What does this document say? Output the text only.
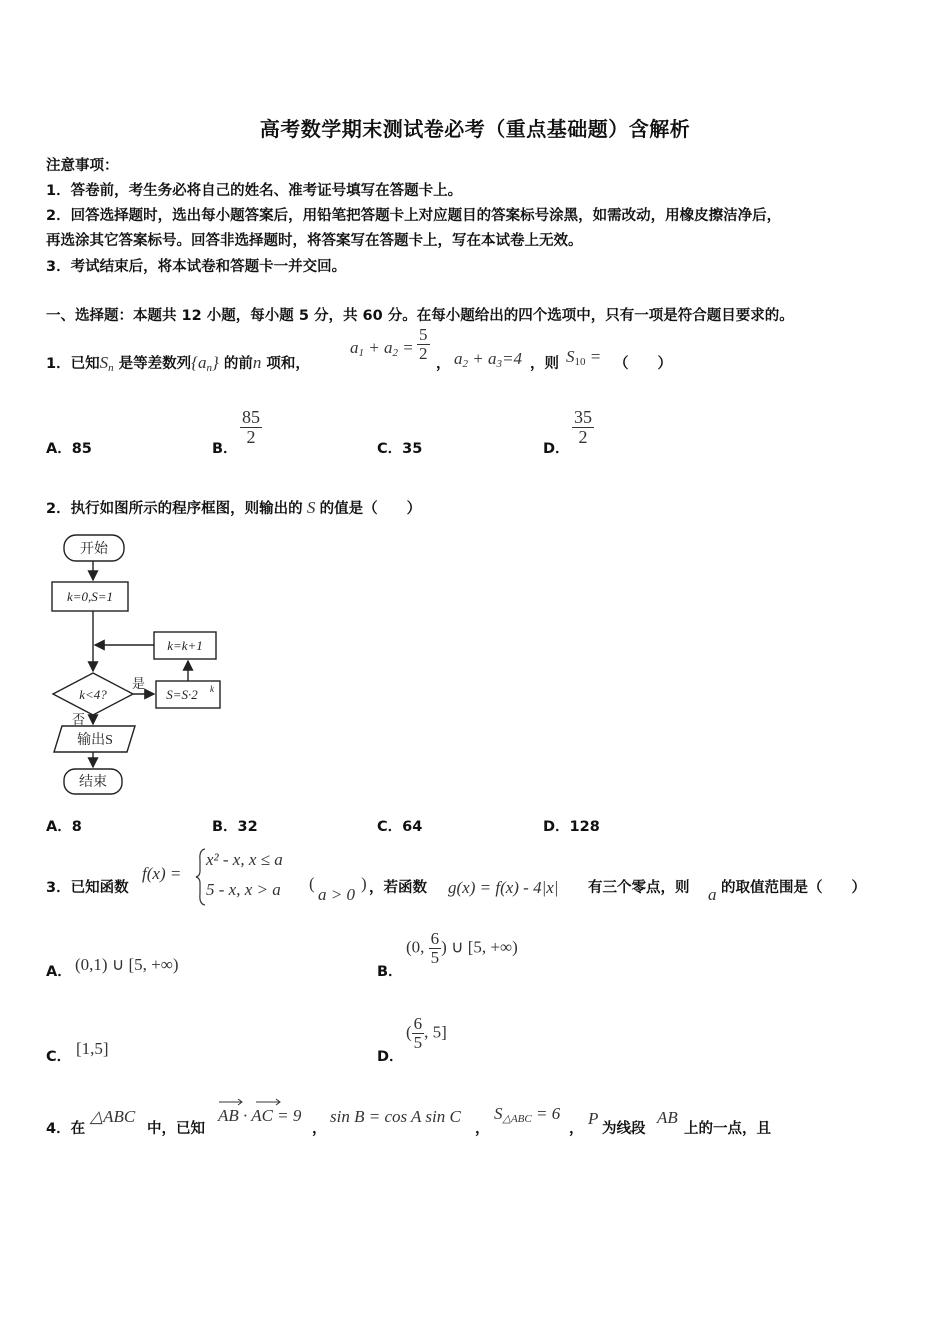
高考数学期末测试卷必考（重点基础题）含解析
注意事项：
1．答卷前，考生务必将自己的姓名、准考证号填写在答题卡上。
2．回答选择题时，选出每小题答案后，用铅笔把答题卡上对应题目的答案标号涂黑，如需改动，用橡皮擦洁净后，
再选涂其它答案标号。回答非选择题时，将答案写在答题卡上，写在本试卷上无效。
3．考试结束后，将本试卷和答题卡一并交回。
一、选择题：本题共 12 小题，每小题 5 分，共 60 分。在每小题给出的四个选项中，只有一项是符合题目要求的。
1．已知$S_n$ 是等差数列$\{a_n\}$ 的前n 项和，
$a_1 + a_2 = \frac{5}{2}$
， $a_2 + a_3=4$ ，则 $S_{10}$ = （　　）
A．85	B．
$\frac{85}{2}$
C．35	D．
$\frac{35}{2}$
2．执行如图所示的程序框图，则输出的 S 的值是（　　）
开始
k=0,S=1
k=k+1
k<4?
是
否
S=S·2 k
输出S
结束
A．8	B．32	C．64	D．128
3．已知函数
f(x) =
x² - x, x ≤ a
5 - x, x > a (
a > 0
) ，若函数 g(x) = f(x) - 4|x| 有三个零点，则 a 的取值范围是（　　）
A． (0,1) ∪ [5, +∞)	B．
(0, $\frac{6}{5}$ ) ∪ [5, +∞)
C． [1,5]	D．
( $\frac{6}{5}$ , 5]
4．在
△ABC
中，已知
AB · AC = 9
，
sin B = cos A sin C
，
$S_{\triangle ABC} = 6$
，
P
为线段
AB
上的一点，且
